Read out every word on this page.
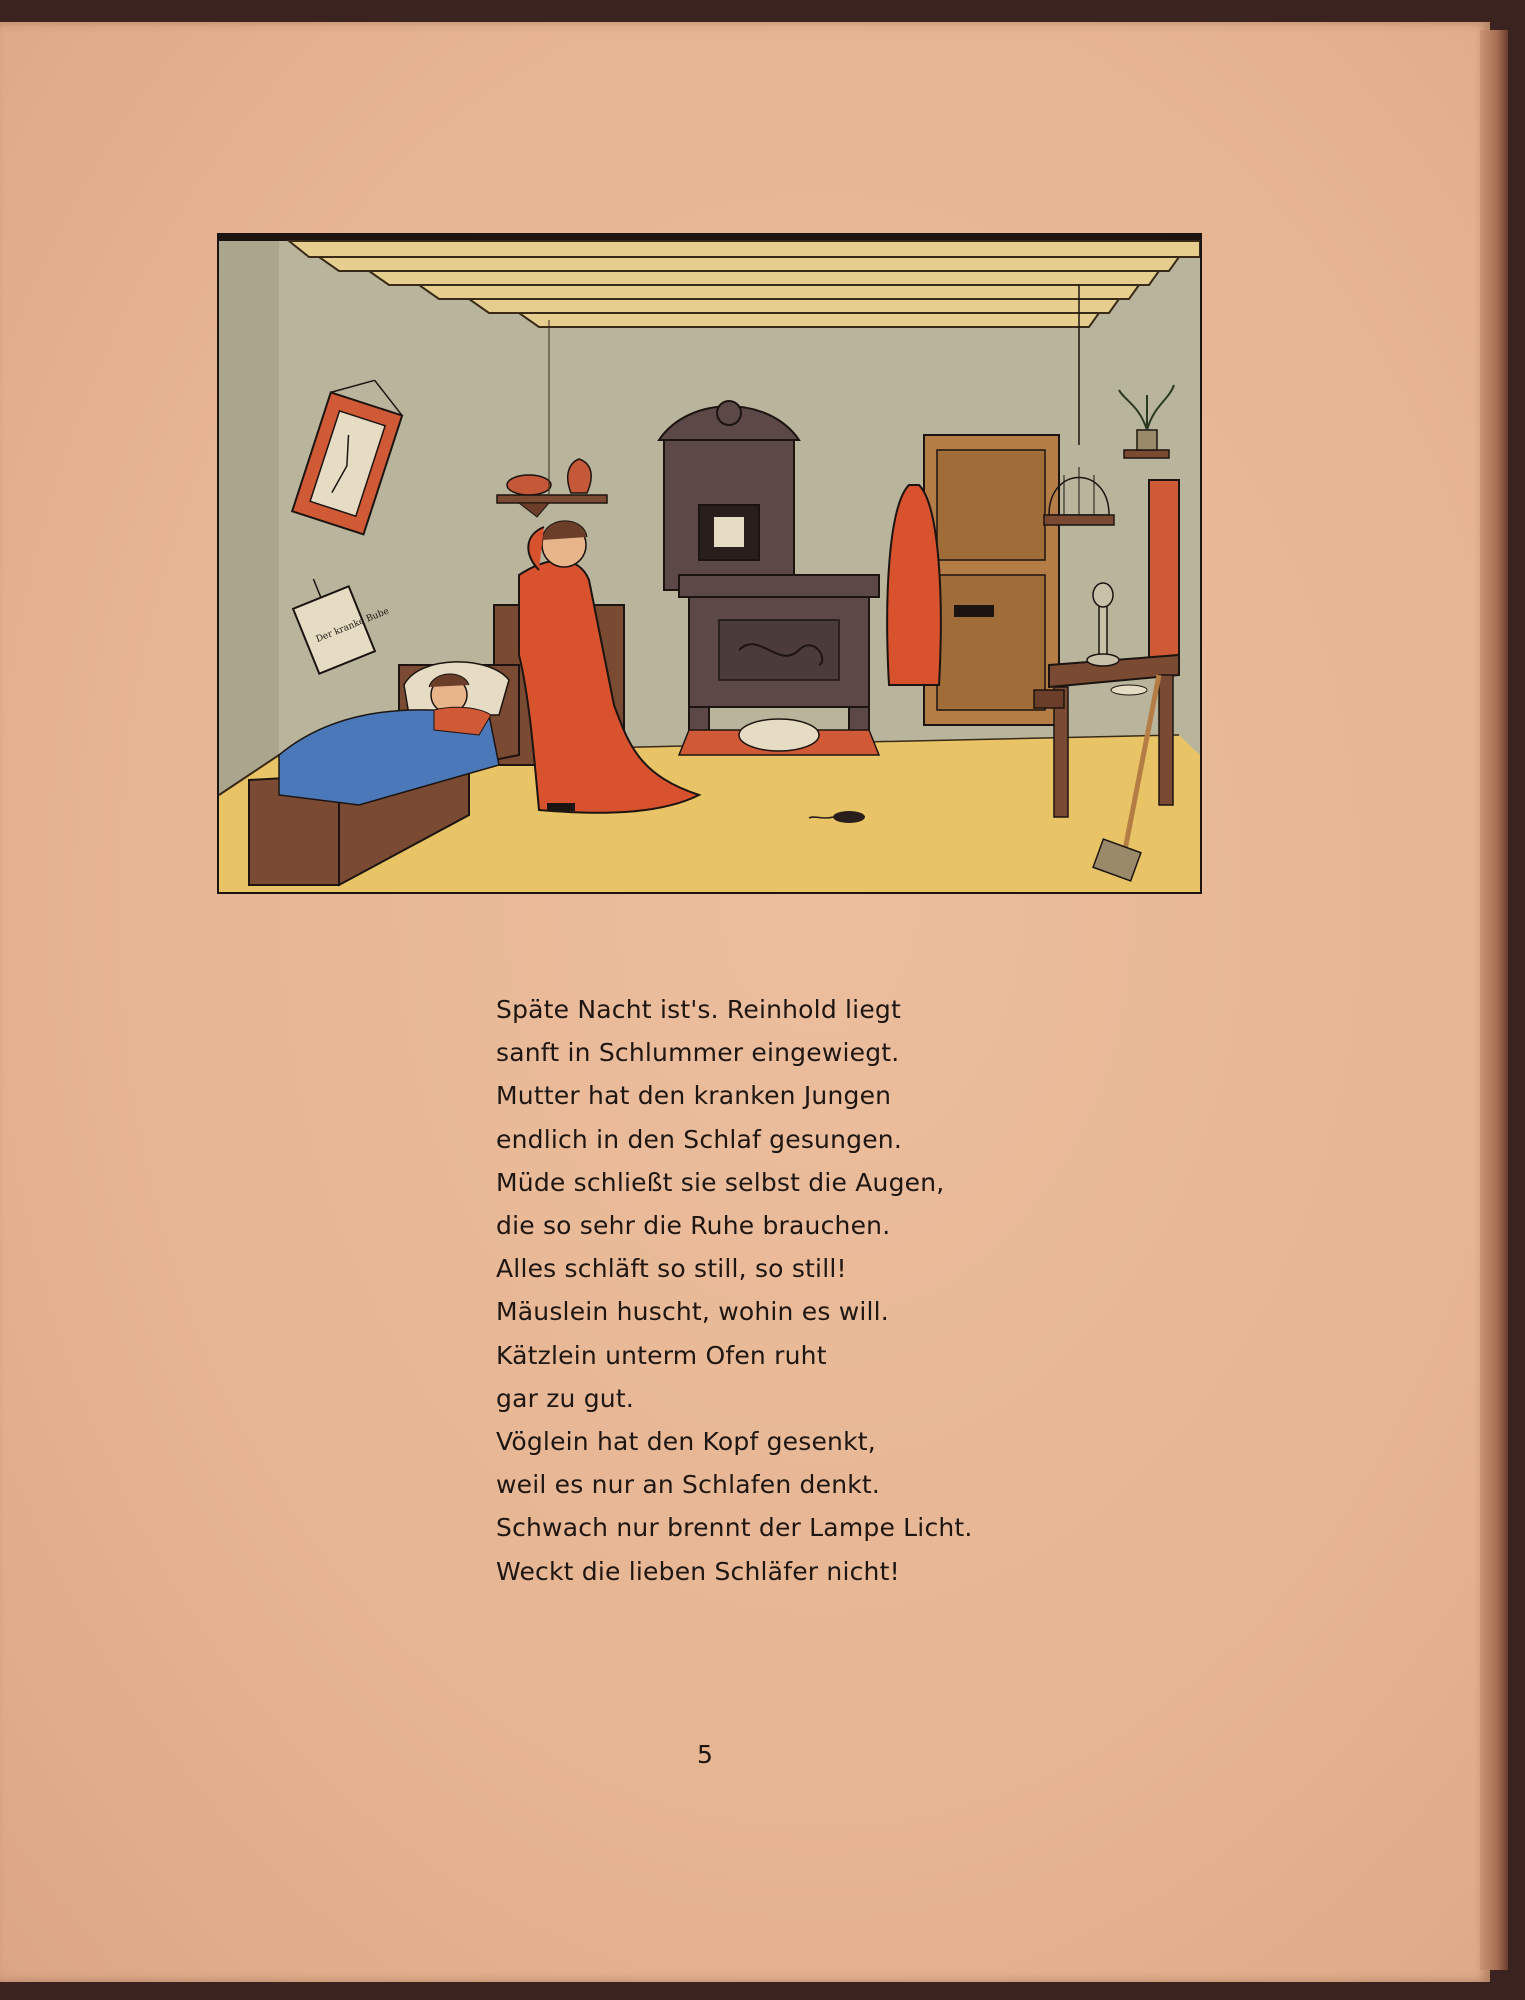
Der kranke Bube
Späte Nacht ist's. Reinhold liegt
sanft in Schlummer eingewiegt.
Mutter hat den kranken Jungen
endlich in den Schlaf gesungen.
Müde schließt sie selbst die Augen,
die so sehr die Ruhe brauchen.
Alles schläft so still, so still!
Mäuslein huscht, wohin es will.
Kätzlein unterm Ofen ruht
gar zu gut.
Vöglein hat den Kopf gesenkt,
weil es nur an Schlafen denkt.
Schwach nur brennt der Lampe Licht.
Weckt die lieben Schläfer nicht!
5
